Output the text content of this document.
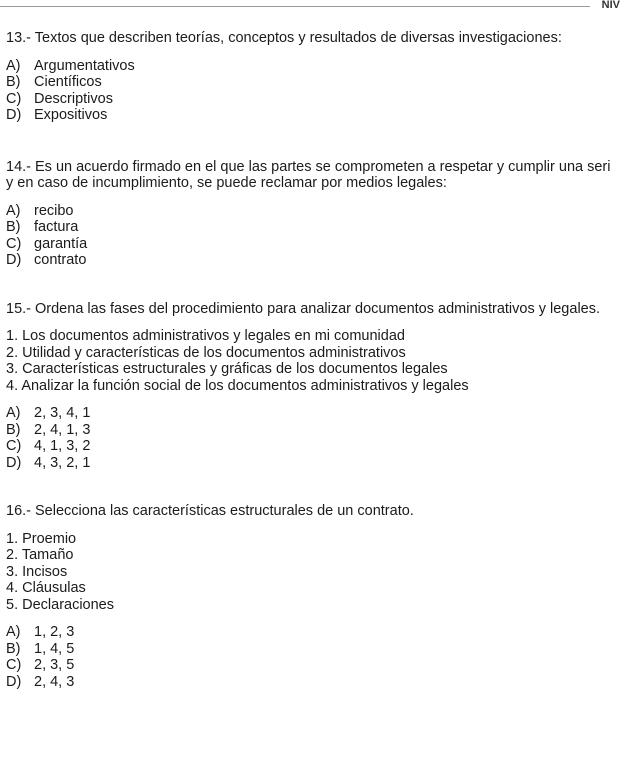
NIV

13.- Textos que describen teorías, conceptos y resultados de diversas investigaciones:

A) Argumentativos
B) Científicos
C) Descriptivos
D) Expositivos

14.- Es un acuerdo firmado en el que las partes se comprometen a respetar y cumplir una seri

y en caso de incumplimiento, se puede reclamar por medios legales:

A) recibo
B) factura
C) garantía
D) contrato

15.- Ordena las fases del procedimiento para analizar documentos administrativos y legales.

1. Los documentos administrativos y legales en mi comunidad
2. Utilidad y características de los documentos administrativos
3. Características estructurales y gráficas de los documentos legales
4. Analizar la función social de los documentos administrativos y legales
A) 2, 3, 4, 1
B) 2, 4, 1, 3
C) 4, 1, 3, 2
D) 4, 3, 2, 1

16.- Selecciona las características estructurales de un contrato.

1. Proemio
2. Tamaño
3. Incisos
4. Cláusulas
5. Declaraciones
A) 1, 2, 3
B) 1, 4, 5
C) 2, 3, 5
D) 2, 4, 3
